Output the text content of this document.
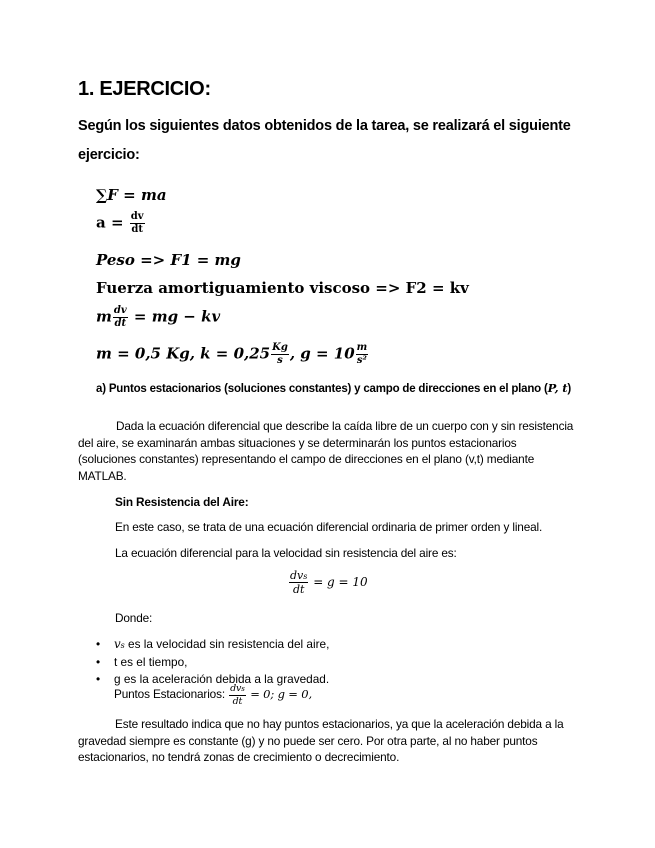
1. EJERCICIO:
Según los siguientes datos obtenidos de la tarea, se realizará el siguiente
ejercicio:
∑F = ma
$a = \frac{dv}{dt}$
Peso => F1 = mg
Fuerza amortiguamiento viscoso => F2 = kv
m $\frac{dv}{dt}$ = mg − kv
m = 0,5 Kg, $k = 0,25 \frac{Kg}{s}$ , $g = 10 \frac{m}{\text{s²}}$
a) Puntos estacionarios (soluciones constantes) y campo de direcciones en el plano (P, t)
Dada la ecuación diferencial que describe la caída libre de un cuerpo con y sin resistencia
del aire, se examinarán ambas situaciones y se determinarán los puntos estacionarios
(soluciones constantes) representando el campo de direcciones en el plano (v,t) mediante
MATLAB.
Sin Resistencia del Aire:
En este caso, se trata de una ecuación diferencial ordinaria de primer orden y lineal.
La ecuación diferencial para la velocidad sin resistencia del aire es:
$\frac{\text{dvs}}{dt} = g = 10$
Donde:
• vs es la velocidad sin resistencia del aire,
• t es el tiempo,
• g es la aceleración debida a la gravedad.
Puntos Estacionarios: $\frac{\text{dvs}}{dt} = 0$; g = 0,
Este resultado indica que no hay puntos estacionarios, ya que la aceleración debida a la
gravedad siempre es constante (g) y no puede ser cero. Por otra parte, al no haber puntos
estacionarios, no tendrá zonas de crecimiento o decrecimiento.
